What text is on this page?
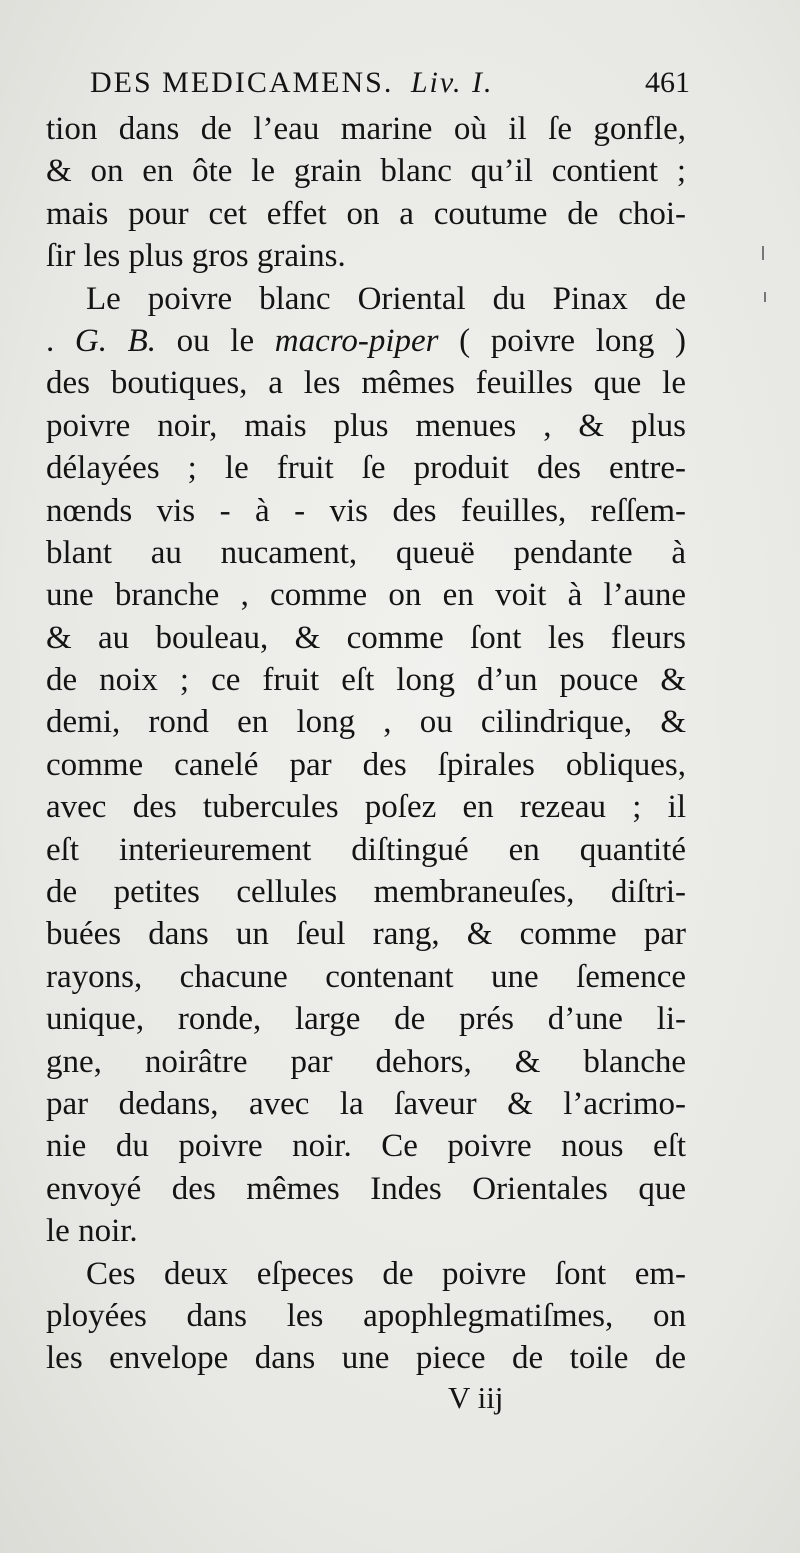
DES MEDICAMENS. Liv. I.	461
tion dans de l’eau marine où il ſe gonfle,
& on en ôte le grain blanc qu’il contient ;
mais pour cet effet on a coutume de choi-
ſir les plus gros grains.
Le poivre blanc Oriental du Pinax de
. G. B. ou le macro-piper ( poivre long )
des boutiques, a les mêmes feuilles que le
poivre noir, mais plus menues , & plus
délayées ; le fruit ſe produit des entre-
nœnds vis - à - vis des feuilles, reſſem-
blant au nucament, queuë pendante à
une branche , comme on en voit à l’aune
& au bouleau, & comme ſont les fleurs
de noix ; ce fruit eſt long d’un pouce &
demi, rond en long , ou cilindrique, &
comme canelé par des ſpirales obliques,
avec des tubercules poſez en rezeau ; il
eſt interieurement diſtingué en quantité
de petites cellules membraneuſes, diſtri-
buées dans un ſeul rang, & comme par
rayons, chacune contenant une ſemence
unique, ronde, large de prés d’une li-
gne, noirâtre par dehors, & blanche
par dedans, avec la ſaveur & l’acrimo-
nie du poivre noir. Ce poivre nous eſt
envoyé des mêmes Indes Orientales que
le noir.
Ces deux eſpeces de poivre ſont em-
ployées dans les apophlegmatiſmes, on
les envelope dans une piece de toile de
V iij
